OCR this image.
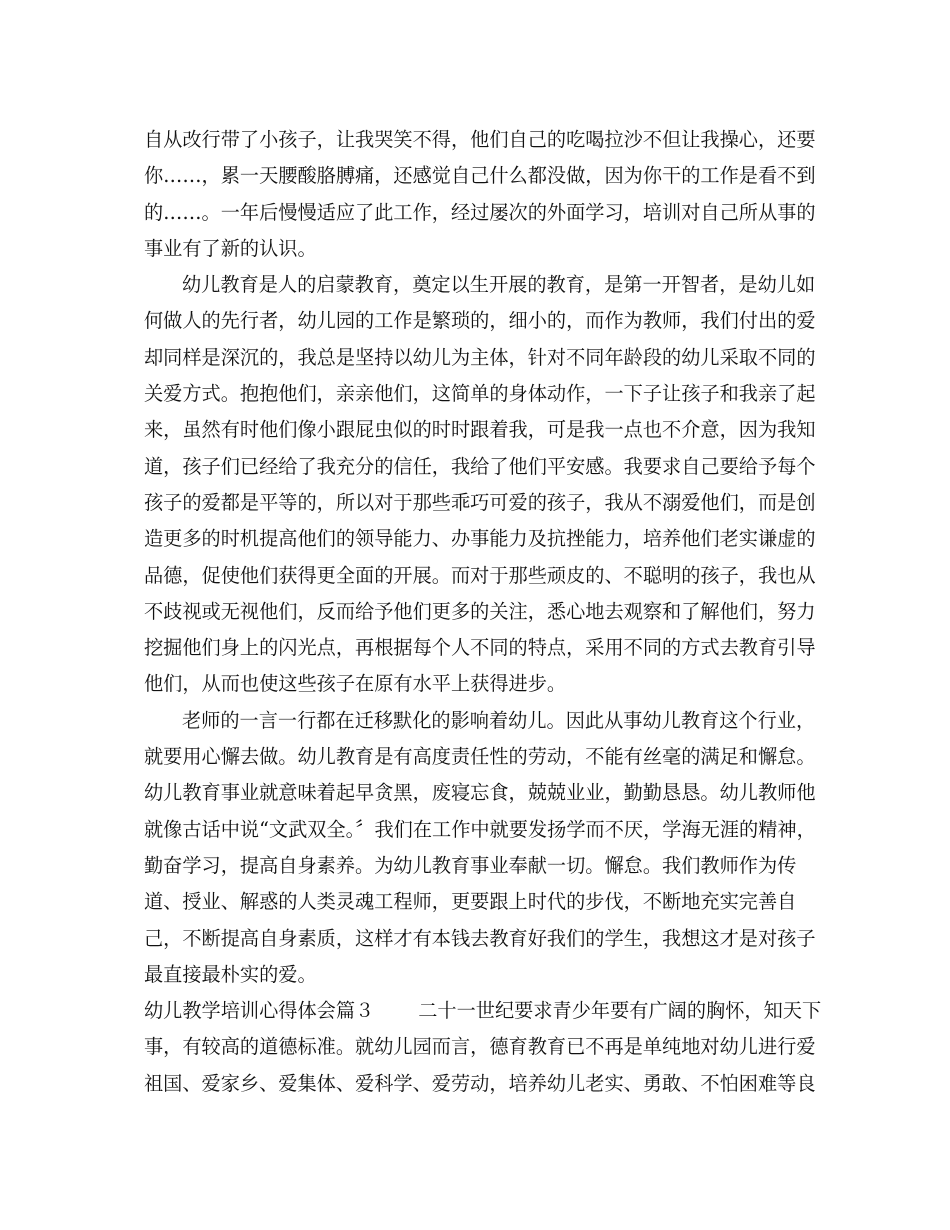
自从改行带了小孩子，让我哭笑不得，他们自己的吃喝拉沙不但让我操心，还要
你……，累一天腰酸胳膊痛，还感觉自己什么都没做，因为你干的工作是看不到
的……。一年后慢慢适应了此工作，经过屡次的外面学习，培训对自己所从事的
事业有了新的认识。
幼儿教育是人的启蒙教育，奠定以生开展的教育，是第一开智者，是幼儿如
何做人的先行者，幼儿园的工作是繁琐的，细小的，而作为教师，我们付出的爱
却同样是深沉的，我总是坚持以幼儿为主体，针对不同年龄段的幼儿采取不同的
关爱方式。抱抱他们，亲亲他们，这简单的身体动作，一下子让孩子和我亲了起
来，虽然有时他们像小跟屁虫似的时时跟着我，可是我一点也不介意，因为我知
道，孩子们已经给了我充分的信任，我给了他们平安感。我要求自己要给予每个
孩子的爱都是平等的，所以对于那些乖巧可爱的孩子，我从不溺爱他们，而是创
造更多的时机提高他们的领导能力、办事能力及抗挫能力，培养他们老实谦虚的
品德，促使他们获得更全面的开展。而对于那些顽皮的、不聪明的孩子，我也从
不歧视或无视他们，反而给予他们更多的关注，悉心地去观察和了解他们，努力
挖掘他们身上的闪光点，再根据每个人不同的特点，采用不同的方式去教育引导
他们，从而也使这些孩子在原有水平上获得进步。
老师的一言一行都在迁移默化的影响着幼儿。因此从事幼儿教育这个行业，
就要用心懈去做。幼儿教育是有高度责任性的劳动，不能有丝毫的满足和懈怠。
幼儿教育事业就意味着起早贪黑，废寝忘食，兢兢业业，勤勤恳恳。幼儿教师他
就像古话中说“文武双全。〞我们在工作中就要发扬学而不厌，学海无涯的精神，
勤奋学习，提高自身素养。为幼儿教育事业奉献一切。懈怠。我们教师作为传
道、授业、解惑的人类灵魂工程师，更要跟上时代的步伐，不断地充实完善自
己，不断提高自身素质，这样才有本钱去教育好我们的学生，我想这才是对孩子
最直接最朴实的爱。
幼儿教学培训心得体会篇３ 二十一世纪要求青少年要有广阔的胸怀，知天下
事，有较高的道德标准。就幼儿园而言，德育教育已不再是单纯地对幼儿进行爱
祖国、爱家乡、爱集体、爱科学、爱劳动，培养幼儿老实、勇敢、不怕困难等良
